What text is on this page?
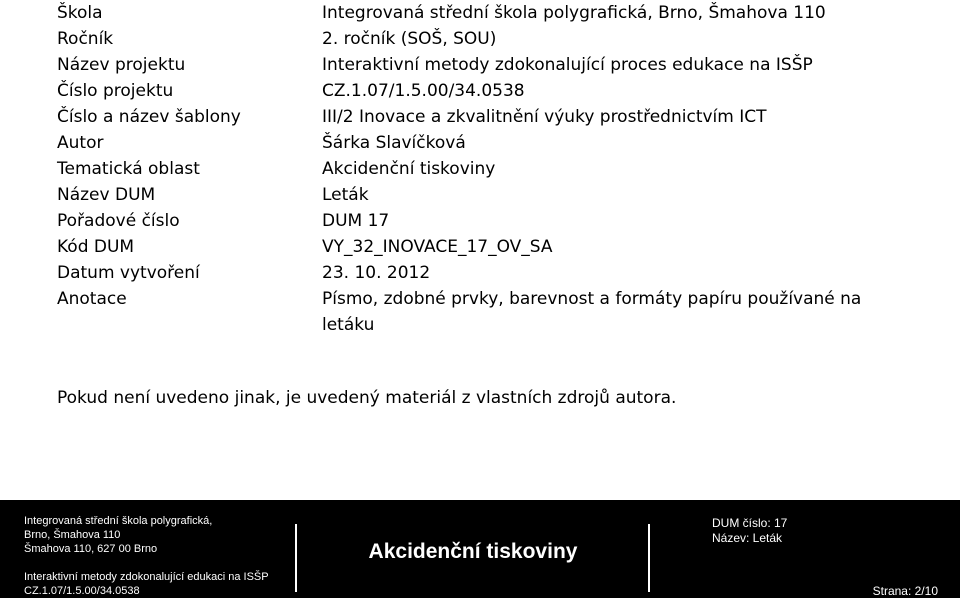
Škola	Integrovaná střední škola polygrafická, Brno, Šmahova 110
Ročník	2. ročník (SOŠ, SOU)
Název projektu	Interaktivní metody zdokonalující proces edukace na ISŠP
Číslo projektu	CZ.1.07/1.5.00/34.0538
Číslo a název šablony	III/2 Inovace a zkvalitnění výuky prostřednictvím ICT
Autor	Šárka Slavíčková
Tematická oblast	Akcidenční tiskoviny
Název DUM	Leták
Pořadové číslo	DUM 17
Kód DUM	VY_32_INOVACE_17_OV_SA
Datum vytvoření	23. 10. 2012
Anotace	Písmo, zdobné prvky, barevnost a formáty papíru používané na letáku
Pokud není uvedeno jinak, je uvedený materiál z vlastních zdrojů autora.
Integrovaná střední škola polygrafická,
Brno, Šmahova 110
Šmahova 110, 627 00 Brno
Interaktivní metody zdokonalující edukaci na ISŠP
CZ.1.07/1.5.00/34.0538
Akcidenční tiskoviny
DUM číslo: 17
Název: Leták
Strana: 2/10
